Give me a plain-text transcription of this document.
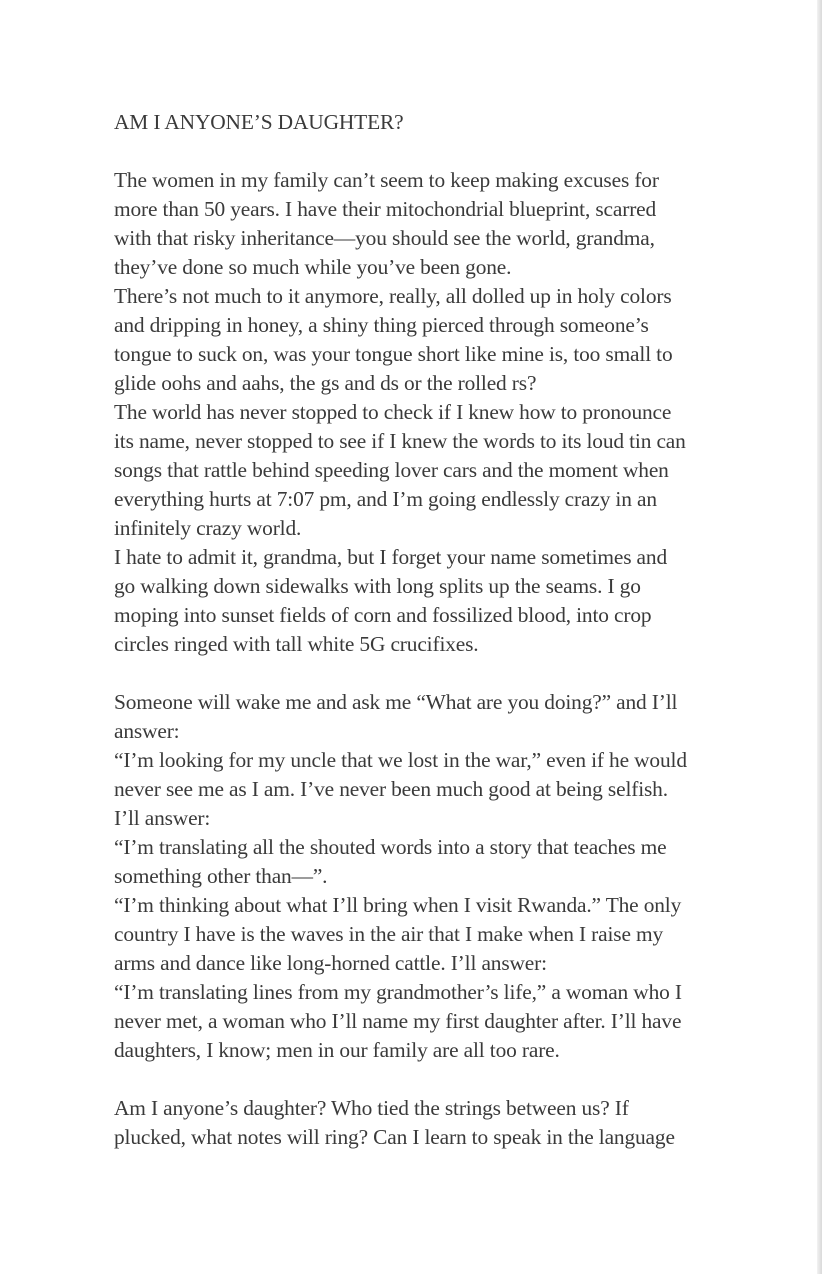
AM I ANYONE’S DAUGHTER?
The women in my family can’t seem to keep making excuses for
more than 50 years. I have their mitochondrial blueprint, scarred
with that risky inheritance—you should see the world, grandma,
they’ve done so much while you’ve been gone.
There’s not much to it anymore, really, all dolled up in holy colors
and dripping in honey, a shiny thing pierced through someone’s
tongue to suck on, was your tongue short like mine is, too small to
glide oohs and aahs, the gs and ds or the rolled rs?
The world has never stopped to check if I knew how to pronounce
its name, never stopped to see if I knew the words to its loud tin can
songs that rattle behind speeding lover cars and the moment when
everything hurts at 7:07 pm, and I’m going endlessly crazy in an
infinitely crazy world.
I hate to admit it, grandma, but I forget your name sometimes and
go walking down sidewalks with long splits up the seams. I go
moping into sunset fields of corn and fossilized blood, into crop
circles ringed with tall white 5G crucifixes.
Someone will wake me and ask me “What are you doing?” and I’ll
answer:
“I’m looking for my uncle that we lost in the war,” even if he would
never see me as I am. I’ve never been much good at being selfish.
I’ll answer:
“I’m translating all the shouted words into a story that teaches me
something other than—”.
“I’m thinking about what I’ll bring when I visit Rwanda.” The only
country I have is the waves in the air that I make when I raise my
arms and dance like long-horned cattle. I’ll answer:
“I’m translating lines from my grandmother’s life,” a woman who I
never met, a woman who I’ll name my first daughter after. I’ll have
daughters, I know; men in our family are all too rare.
Am I anyone’s daughter? Who tied the strings between us? If
plucked, what notes will ring? Can I learn to speak in the language
